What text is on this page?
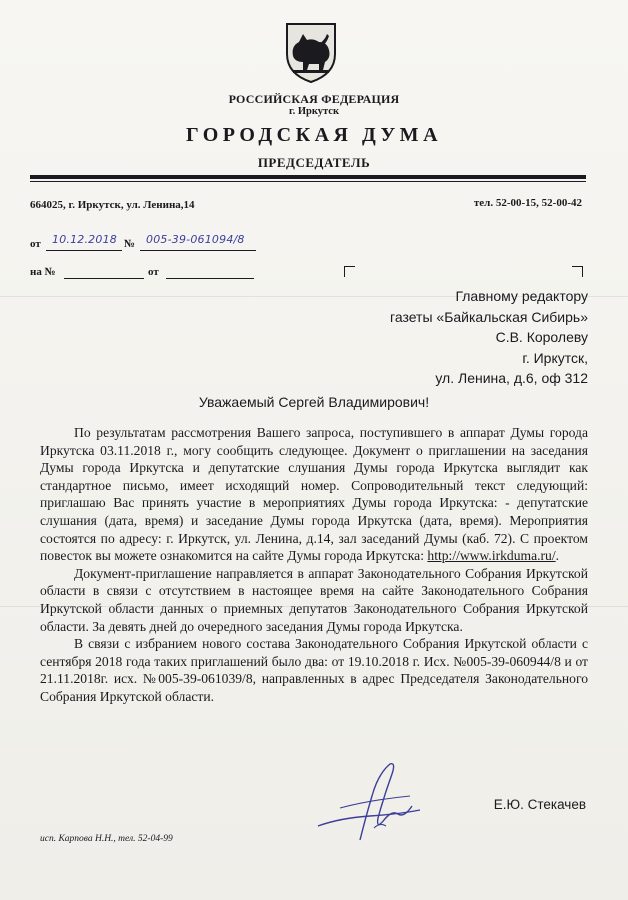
РОССИЙСКАЯ ФЕДЕРАЦИЯ
г. Иркутск
ГОРОДСКАЯ ДУМА
ПРЕДСЕДАТЕЛЬ
664025, г. Иркутск, ул. Ленина,14	тел. 52-00-15, 52-00-42
от 10.12.2018 № 005-39-061094/8
на №	от
Главному редактору
газеты «Байкальская Сибирь»
С.В. Королеву
г. Иркутск,
ул. Ленина, д.6, оф 312
Уважаемый Сергей Владимирович!

По результатам рассмотрения Вашего запроса, поступившего в аппарат Думы города Иркутска 03.11.2018 г., могу сообщить следующее. Документ о приглашении на заседания Думы города Иркутска и депутатские слушания Думы города Иркутска выглядит как стандартное письмо, имеет исходящий номер. Сопроводительный текст следующий: приглашаю Вас принять участие в мероприятиях Думы города Иркутска: - депутатские слушания (дата, время) и заседание Думы города Иркутска (дата, время). Мероприятия состоятся по адресу: г. Иркутск, ул. Ленина, д.14, зал заседаний Думы (каб. 72). С проектом повесток вы можете ознакомится на сайте Думы города Иркутска: http://www.irkduma.ru/.

Документ-приглашение направляется в аппарат Законодательного Собрания Иркутской области в связи с отсутствием в настоящее время на сайте Законодательного Собрания Иркутской области данных о приемных депутатов Законодательного Собрания Иркутской области. За девять дней до очередного заседания Думы города Иркутска.

В связи с избранием нового состава Законодательного Собрания Иркутской области с сентября 2018 года таких приглашений было два: от 19.10.2018 г. Исх. №005-39-060944/8 и от 21.11.2018г. исх. №005-39-061039/8, направленных в адрес Председателя Законодательного Собрания Иркутской области.

Е.Ю. Стекачев
исп. Карпова Н.Н., тел. 52-04-99
